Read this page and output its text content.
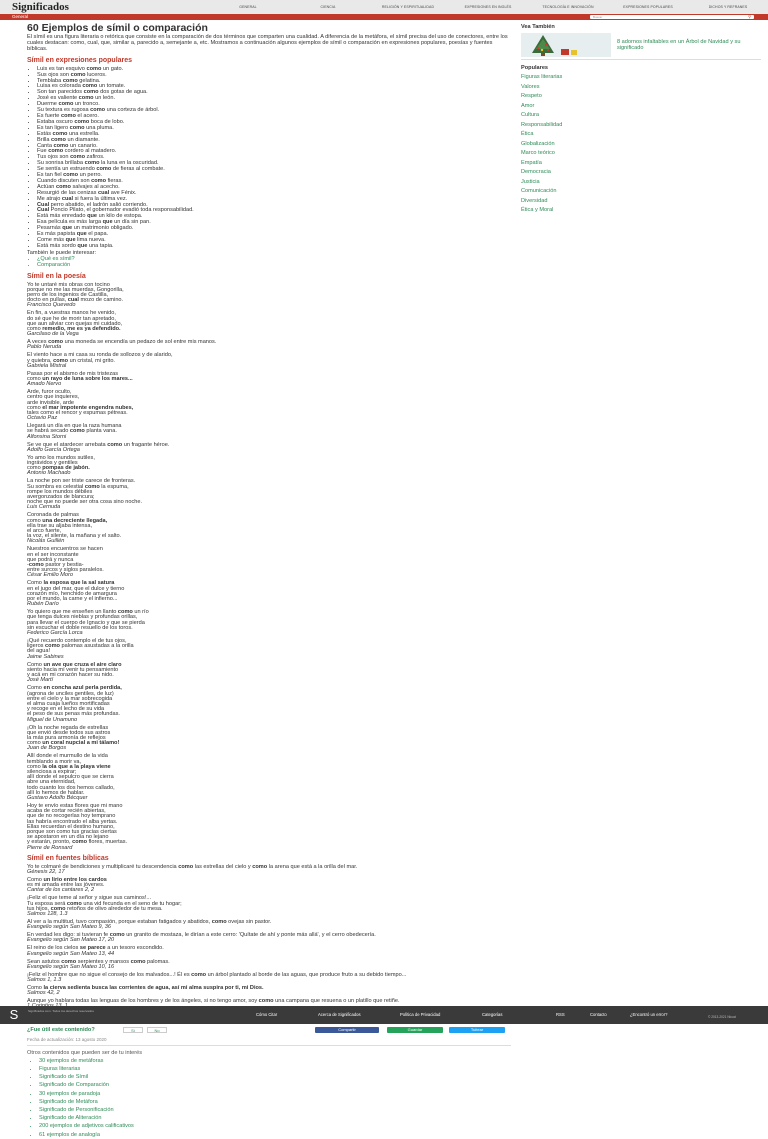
Significados	GENERAL	CIENCIA	RELIGIÓN Y ESPIRITUALIDAD	EXPRESIONES EN INGLÉS	TECNOLOGÍA E INNOVACIÓN	EXPRESIONES POPULARES	DICHOS Y REFRANES
General	Buscar	⚲
60 Ejemplos de símil o comparación

El símil es una figura literaria o retórica que consiste en la comparación de dos términos que comparten una cualidad. A diferencia de la metáfora, el símil precisa del uso de conectores, entre los cuales destacan: como, cual, que, similar a, parecido a, semejante a, etc. Mostramos a continuación algunos ejemplos de símil o comparación en expresiones populares, poesías y fuentes bíblicas.

Símil en expresiones populares
• Luis es tan esquivo como un gato.
• Sus ojos son como luceros.
• Temblaba como gelatina.
• Luisa es colorada como un tomate.
• Son tan parecidos como dos gotas de agua.
• José es valiente como un león.
• Duerme como un tronco.
• Su textura es rugosa como una corteza de árbol.
• Es fuerte como el acero.
• Estaba oscuro como boca de lobo.
• Es tan ligero como una pluma.
• Estás como una estrella.
• Brilla como un diamante.
• Canta como un canario.
• Fue como cordero al matadero.
• Tus ojos son como zafiros.
• Su sonrisa brillaba como la luna en la oscuridad.
• Se sentía un estruendo como de fieras al combate.
• Es tan fiel como un perro.
• Cuando discuten son como fieras.
• Actúan como salvajes al acecho.
• Resurgió de las cenizas cual ave Fénix.
• Me atrajo cual si fuera la última vez.
• Cual perro abatido, el ladrón salió corriendo.
• Cual Poncio Pilato, el gobernador evadió toda responsabilidad.
• Está más enredado que un kilo de estopa.
• Esa película es más larga que un día sin pan.
• Pesarnás que un matrimonio obligado.
• Es más papista que el papa.
• Come más que lima nueva.
• Está más sordo que una tapia.
También le puede interesar:
• ¿Qué es símil?
• Comparación
Símil en la poesía
Yo te untaré mis obras con tocino
porque no me las muerdas, Gongorilla,
perro de los ingenios de Castilla,
docto en pullas, cual mozo de camino.
Francisco Quevedo
En fin, a vuestras manos he venido,
do sé que he de morir tan apretado,
que aun aliviar con quejas mi cuidado,
como remedio, me es ya defendido.
Garcilaso de la Vega
A veces como una moneda se encendía un pedazo de sol entre mis manos.
Pablo Neruda
El viento hace a mi casa su ronda de sollozos y de alarido,
y quiebra, como un cristal, mi grito.
Gabriela Mistral
Pasas por el abismo de mis tristezas
como un rayo de luna sobre los mares...
Amado Nervo
Arde, furor oculto,
centro que inquieres,
arde invisible, arde
como el mar impotente engendra nubes,
tales como el rencor y espumas pétreas.
Octavio Paz
Llegará un día en que la raza humana
se habrá secado como planta vana.
Alfonsina Storni
Se ve que el atardecer arrebata como un fragante héroe.
Adolfo García Ortega
Yo amo los mundos sutiles,
ingrávidos y gentiles
como pompas de jabón.
Antonio Machado
La noche pon ser triste carece de fronteras.
Su sombra es celestial como la espuma,
rompe los mundos débiles
avergonzados de blancura;
noche que no puede ser otra cosa sino noche.
Luis Cernuda
Coronada de palmas
como una decreciente llegada,
ella trae su aljaba intensa,
el arco fuerte,
la voz, el silente, la mañana y el salto.
Nicolás Guillén
Nuestros encuentros se hacen
en el ser inconstante
que podrá y nunca
-como pastor y bestia-
entre surcos y siglos paralelos.
César Emilio Moro
Como la esposa que la sal satura
en el jugo del mar, que el dulce y tierno
corazón mío, henchido de amargura
por el mundo, la carne y el infierno...
Rubén Darío
Yo quiero que me enseñen un llanto como un río
que tenga dulces nieblas y profundas orillas,
para llevar el cuerpo de Ignacio y que se pierda
sin escuchar el doble resuello de los toros.
Federico García Lorca
¡Qué recuerdo contemplo el de tus ojos,
ligeros como palomas asustadas a la orilla
del agua!
Jaime Sabines
Como un ave que cruza el aire claro
siento hacia mí venir tu pensamiento
y acá en mi corazón hacer su nido.
José Martí
Como en concha azul perla perdida,
(agrona de unciles gentiles, de luz)
entre el cielo y la mar sobrecogida
el alma cuaja lueños mortificadas
y recoge en el lecho de su vida
el peso de sus penas más profundas.
Miguel de Unamuno
¡Oh la noche regada de estrellas
que envió desde todos sus astros
la más pura armonía de reflejos
como un coral nupcial a mi tálamo!
Juan de Borgos
Allí donde el murmullo de la vida
temblando a morir va,
como la ola que a la playa viene
silenciosa a expirar;
allí donde el sepulcro que se cierra
abre una eternidad,
todo cuanto los dos hemos callado,
allí lo hemos de hablar.
Gustavo Adolfo Bécquer
Hoy te envío estas flores que mi mano
acaba de cortar recién abiertas,
que de no recogerlas hoy temprano
las habría encontrado el alba yertas.
Ellas recuerdan el destino humano,
porque son como tus gracias ciertas
se apostaron en un día no lejano
y estarán, pronto, como flores, muertas.
Pierre de Ronsard
Símil en fuentes bíblicas
Yo te colmaré de bendiciones y multiplicaré tu descendencia como las estrellas del cielo y como la arena que está a la orilla del mar.
Génesis 22, 17
Como un lirio entre los cardos
es mi amada entre las jóvenes.
Cantar de los cantares 2, 2
¡Feliz el que teme al señor y sigue sus caminos!...
Tu esposa será como una vid fecunda en el seno de tu hogar;
tus hijos, como retoños de olivo alrededor de tu mesa.
Salmos 128, 1.3
Al ver a la multitud, tuvo compasión, porque estaban fatigados y abatidos, como ovejas sin pastor.
Evangelio según San Mateo 9, 36
En verdad les digo: si tuvieran fe como un granito de mostaza, le dirían a este cerro: 'Quítate de ahí y ponte más allá', y el cerro obedecería.
Evangelio según San Mateo 17, 20
El reino de los cielos se parece a un tesoro escondido.
Evangelio según San Mateo 13, 44
Sean astutos como serpientes y mansos como palomas.
Evangelio según San Mateo 10, 16
¡Feliz el hombre que no sigue el consejo de los malvados...! Él es como un árbol plantado al borde de las aguas, que produce fruto a su debido tiempo...
Salmos 1, 1.3
Como la cierva sedienta busca las corrientes de agua, así mi alma suspira por ti, mi Dios.
Salmos 42, 2
Aunque yo hablara todas las lenguas de los hombres y de los ángeles, si no tengo amor, soy como una campana que resuena o un platillo que retiñe.
¿Fue útil este contenido?	Sí	No	Compartir	Guardar	Tuitear
Fecha de actualización: 13 agosto 2020
Otros contenidos que pueden ser de tu interés
• 30 ejemplos de metáforas
• Figuras literarias
• Significado de Símil
• Significado de Comparación
• 30 ejemplos de paradoja
• Significado de Metáfora
• Significado de Personificación
• Significado de Aliteración
• 200 ejemplos de adjetivos calificativos
• 61 ejemplos de analogía
Vea También
8 adornos infaltables en un Árbol de Navidad y su significado
Populares
Figuras literarias
Valores
Respeto
Amor
Cultura
Responsabilidad
Ética
Globalización
Marco teórico
Empatía
Democracia
Justicia
Comunicación
Diversidad
Ética y Moral
S	Significados.com. Todos los derechos reservados
Cómo Citar	Acerca de Significados	Política de Privacidad	Categorías	RSS	Contacto	¿Encontró un error?	© 2013-2021 Nicuci
